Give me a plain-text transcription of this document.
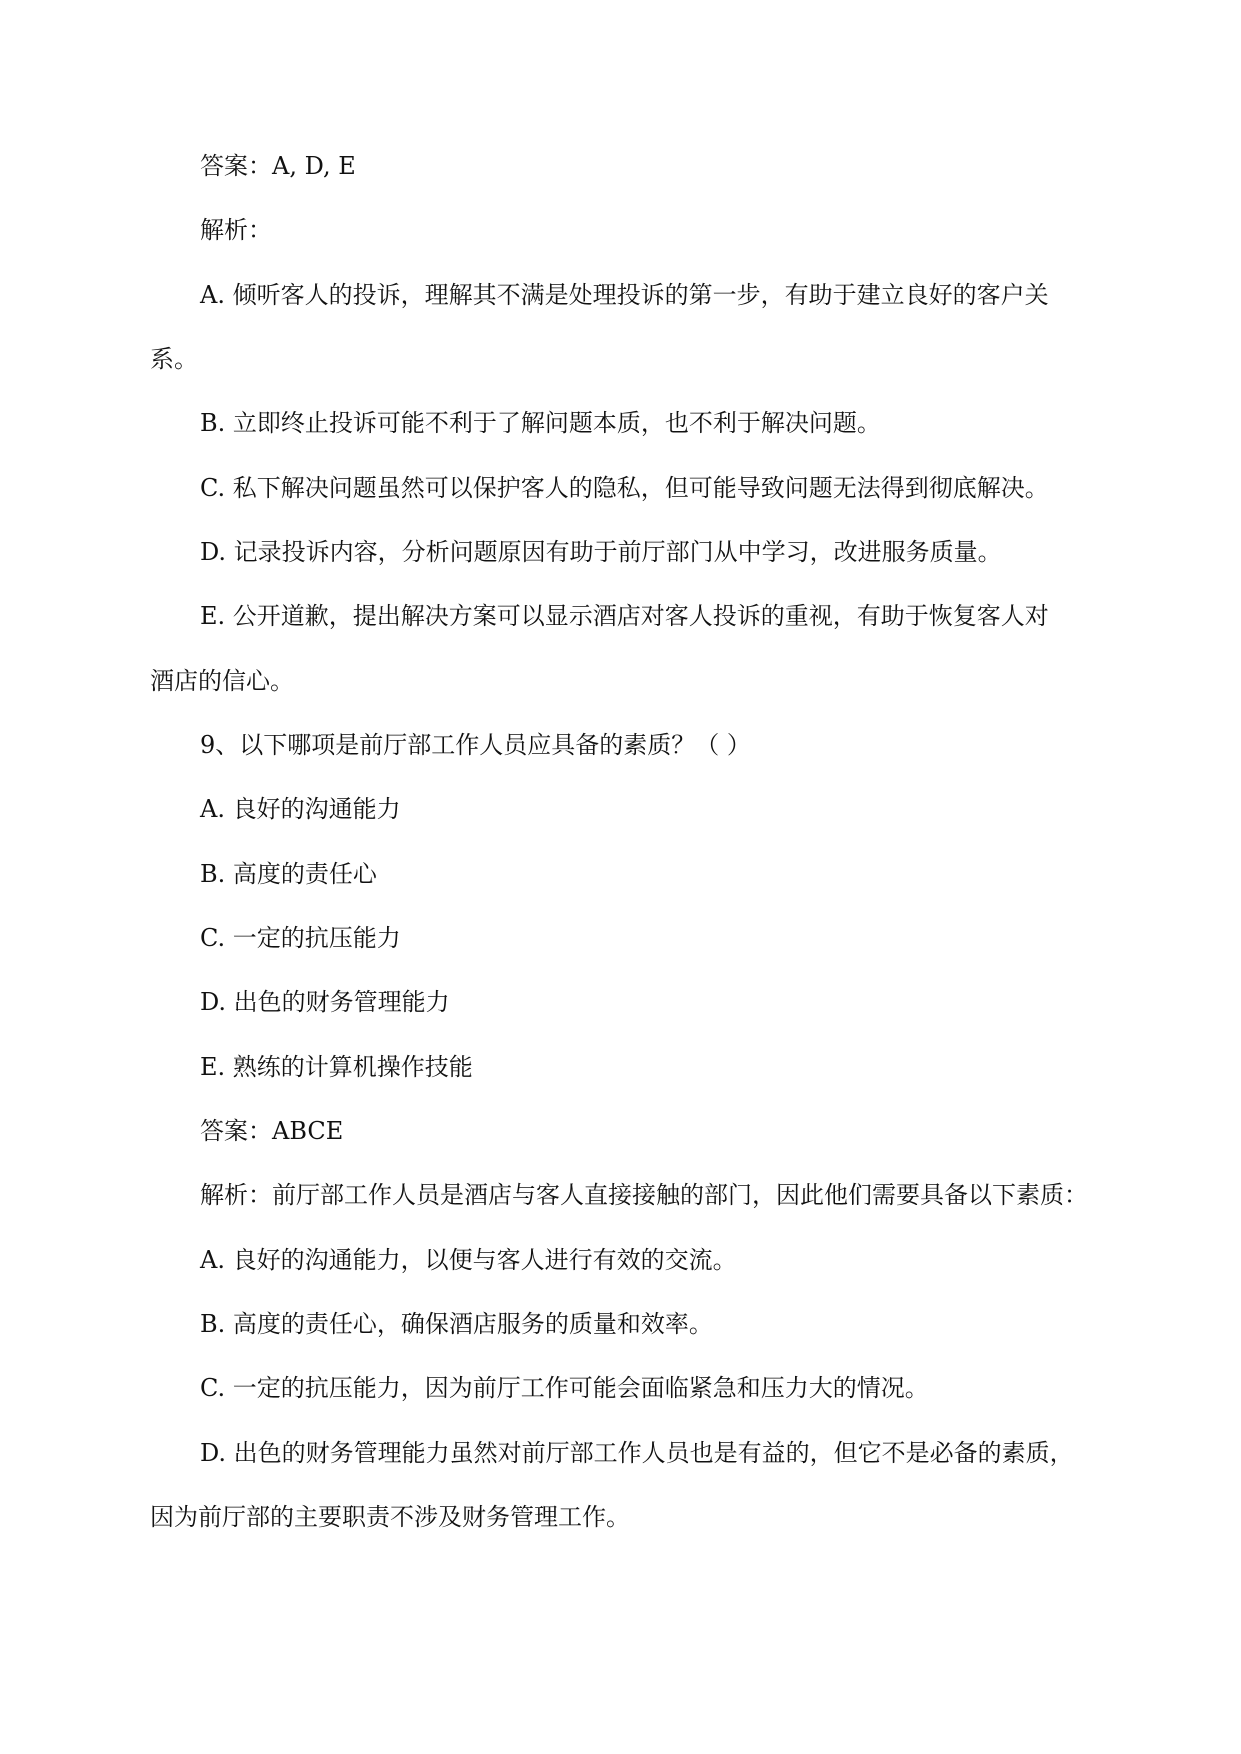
答案：A, D, E
解析：
A. 倾听客人的投诉，理解其不满是处理投诉的第一步，有助于建立良好的客户关
系。
B. 立即终止投诉可能不利于了解问题本质，也不利于解决问题。
C. 私下解决问题虽然可以保护客人的隐私，但可能导致问题无法得到彻底解决。
D. 记录投诉内容，分析问题原因有助于前厅部门从中学习，改进服务质量。
E. 公开道歉，提出解决方案可以显示酒店对客人投诉的重视，有助于恢复客人对
酒店的信心。
9、以下哪项是前厅部工作人员应具备的素质？（ ）
A. 良好的沟通能力
B. 高度的责任心
C. 一定的抗压能力
D. 出色的财务管理能力
E. 熟练的计算机操作技能
答案：ABCE
解析：前厅部工作人员是酒店与客人直接接触的部门，因此他们需要具备以下素质：
A. 良好的沟通能力，以便与客人进行有效的交流。
B. 高度的责任心，确保酒店服务的质量和效率。
C. 一定的抗压能力，因为前厅工作可能会面临紧急和压力大的情况。
D. 出色的财务管理能力虽然对前厅部工作人员也是有益的，但它不是必备的素质，
因为前厅部的主要职责不涉及财务管理工作。
